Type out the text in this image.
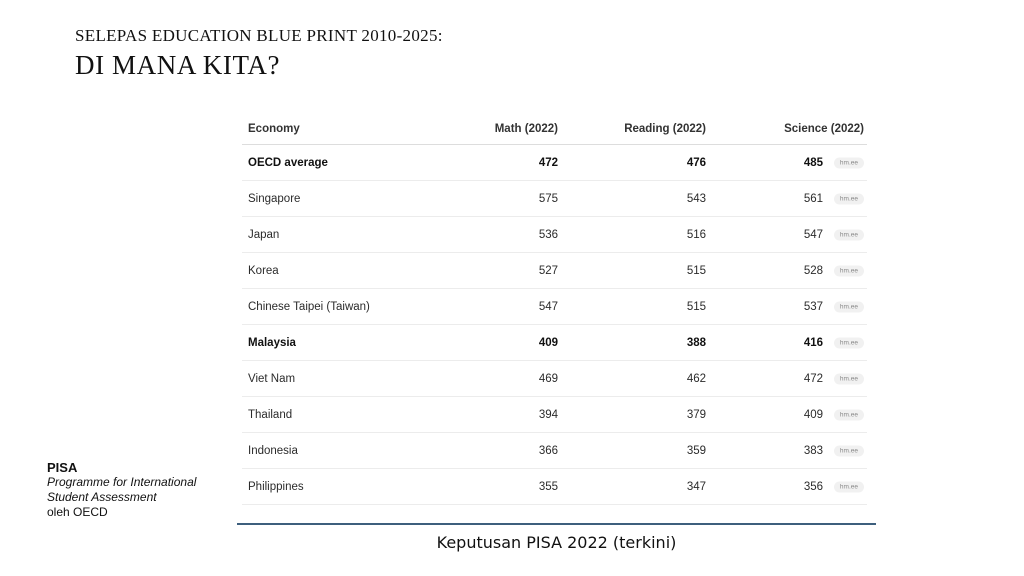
SELEPAS EDUCATION BLUE PRINT 2010-2025:
DI MANA KITA?
Economy	Math (2022)	Reading (2022)	Science (2022)
OECD average	472	476	485	hm.ee
Singapore	575	543	561	hm.ee
Japan	536	516	547	hm.ee
Korea	527	515	528	hm.ee
Chinese Taipei (Taiwan)	547	515	537	hm.ee
Malaysia	409	388	416	hm.ee
Viet Nam	469	462	472	hm.ee
Thailand	394	379	409	hm.ee
Indonesia	366	359	383	hm.ee
Philippines	355	347	356	hm.ee
Keputusan PISA 2022 (terkini)
PISA
Programme for International
Student Assessment
oleh OECD
